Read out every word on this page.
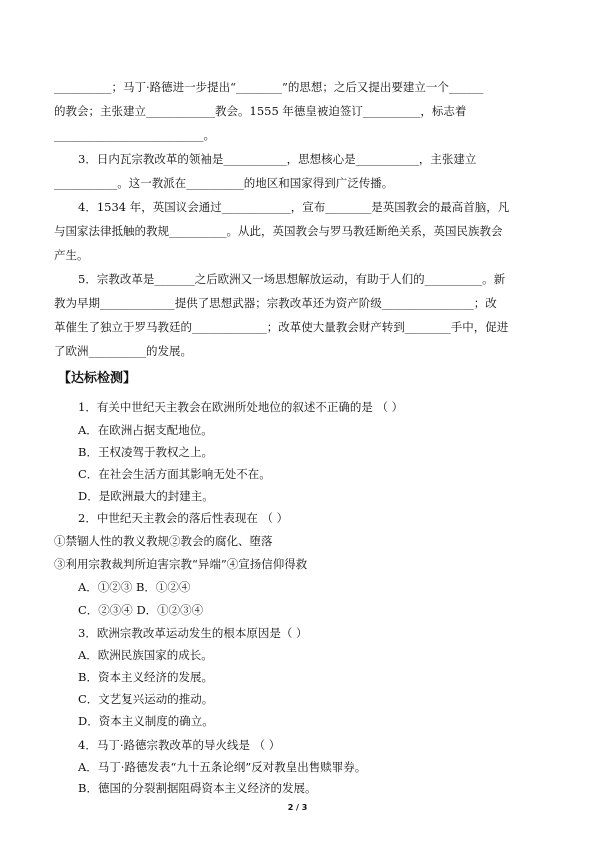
__________；马丁·路德进一步提出“________”的思想；之后又提出要建立一个______
的教会；主张建立____________教会。1555 年德皇被迫签订__________，标志着
__________________________。
3．日内瓦宗教改革的领袖是___________，思想核心是___________，主张建立
___________。这一教派在__________的地区和国家得到广泛传播。
4．1534 年，英国议会通过____________，宣布________是英国教会的最高首脑，凡
与国家法律抵触的教规__________。从此，英国教会与罗马教廷断绝关系，英国民族教会
产生。
5．宗教改革是_______之后欧洲又一场思想解放运动，有助于人们的__________。新
教为早期_____________提供了思想武器；宗教改革还为资产阶级________________；改
革催生了独立于罗马教廷的_____________；改革使大量教会财产转到________手中，促进
了欧洲__________的发展。
【达标检测】
1．有关中世纪天主教会在欧洲所处地位的叙述不正确的是 （ ）
A．在欧洲占据支配地位。
B．王权凌驾于教权之上。
C．在社会生活方面其影响无处不在。
D．是欧洲最大的封建主。
2．中世纪天主教会的落后性表现在 （ ）
①禁锢人性的教义教规②教会的腐化、堕落
③利用宗教裁判所迫害宗教“异端”④宣扬信仰得救
A．①②③ B．①②④
C．②③④ D．①②③④
3．欧洲宗教改革运动发生的根本原因是（ ）
A．欧洲民族国家的成长。
B．资本主义经济的发展。
C．文艺复兴运动的推动。
D．资本主义制度的确立。
4．马丁·路德宗教改革的导火线是 （ ）
2 / 3
A．马丁·路德发表“九十五条论纲”反对教皇出售赎罪券。
B．德国的分裂割据阻碍资本主义经济的发展。
